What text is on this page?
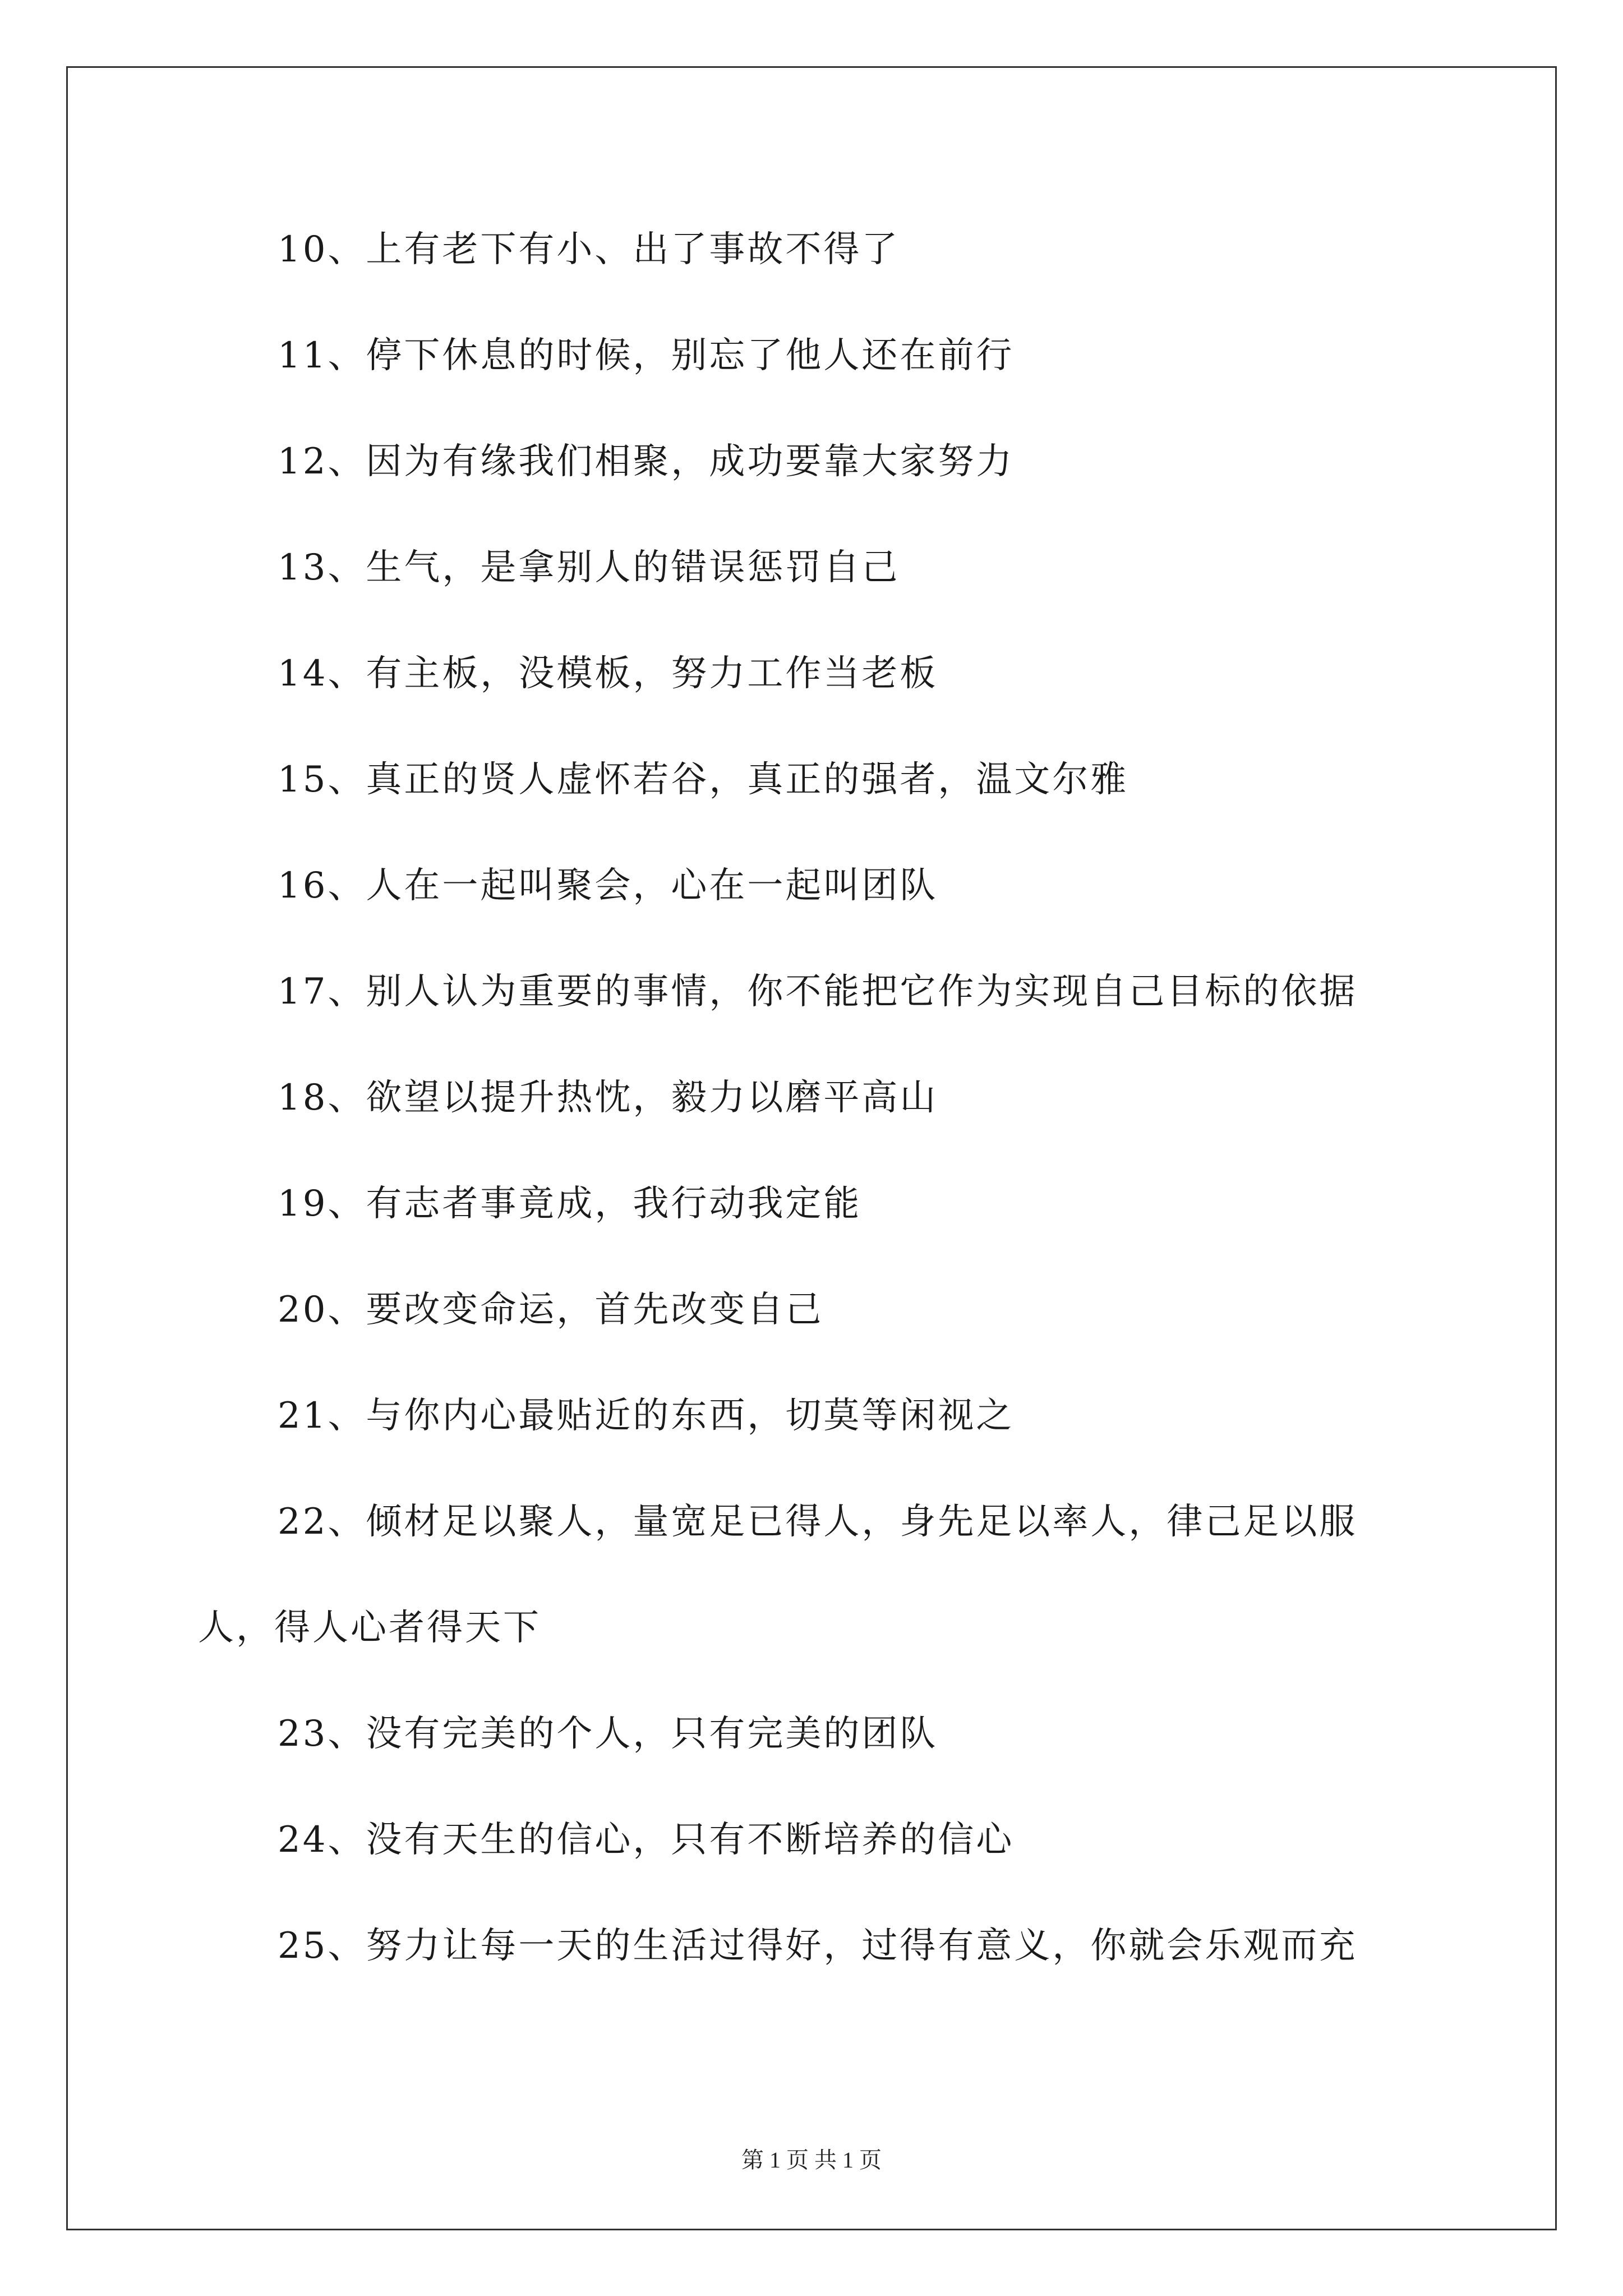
10、上有老下有小、出了事故不得了
11、停下休息的时候，别忘了他人还在前行
12、因为有缘我们相聚，成功要靠大家努力
13、生气，是拿别人的错误惩罚自己
14、有主板，没模板，努力工作当老板
15、真正的贤人虚怀若谷，真正的强者，温文尔雅
16、人在一起叫聚会，心在一起叫团队
17、别人认为重要的事情，你不能把它作为实现自己目标的依据
18、欲望以提升热忱，毅力以磨平高山
19、有志者事竟成，我行动我定能
20、要改变命运，首先改变自己
21、与你内心最贴近的东西，切莫等闲视之
22、倾材足以聚人，量宽足已得人，身先足以率人，律己足以服
人，得人心者得天下
23、没有完美的个人，只有完美的团队
24、没有天生的信心，只有不断培养的信心
25、努力让每一天的生活过得好，过得有意义，你就会乐观而充
第 1 页 共 1 页
